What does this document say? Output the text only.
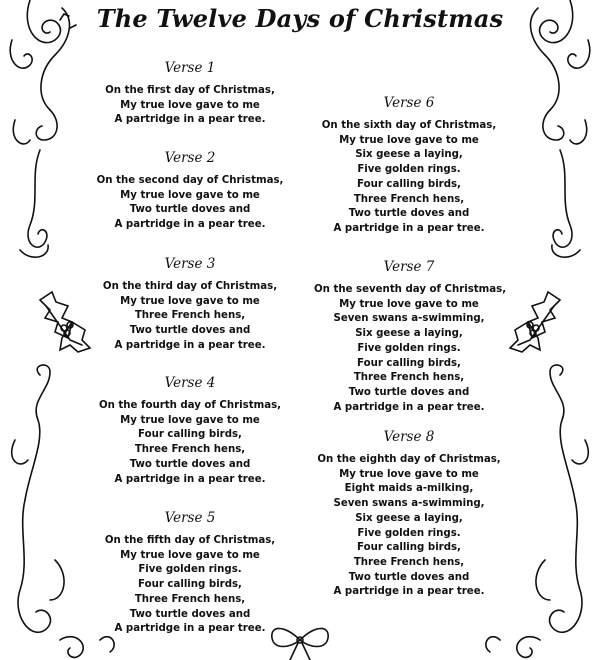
The Twelve Days of Christmas
Verse 1
On the first day of Christmas,
My true love gave to me
A partridge in a pear tree.
Verse 2
On the second day of Christmas,
My true love gave to me
Two turtle doves and
A partridge in a pear tree.
Verse 3
On the third day of Christmas,
My true love gave to me
Three French hens,
Two turtle doves and
A partridge in a pear tree.
Verse 4
On the fourth day of Christmas,
My true love gave to me
Four calling birds,
Three French hens,
Two turtle doves and
A partridge in a pear tree.
Verse 5
On the fifth day of Christmas,
My true love gave to me
Five golden rings.
Four calling birds,
Three French hens,
Two turtle doves and
A partridge in a pear tree.
Verse 6
On the sixth day of Christmas,
My true love gave to me
Six geese a laying,
Five golden rings.
Four calling birds,
Three French hens,
Two turtle doves and
A partridge in a pear tree.
Verse 7
On the seventh day of Christmas,
My true love gave to me
Seven swans a-swimming,
Six geese a laying,
Five golden rings.
Four calling birds,
Three French hens,
Two turtle doves and
A partridge in a pear tree.
Verse 8
On the eighth day of Christmas,
My true love gave to me
Eight maids a-milking,
Seven swans a-swimming,
Six geese a laying,
Five golden rings.
Four calling birds,
Three French hens,
Two turtle doves and
A partridge in a pear tree.
